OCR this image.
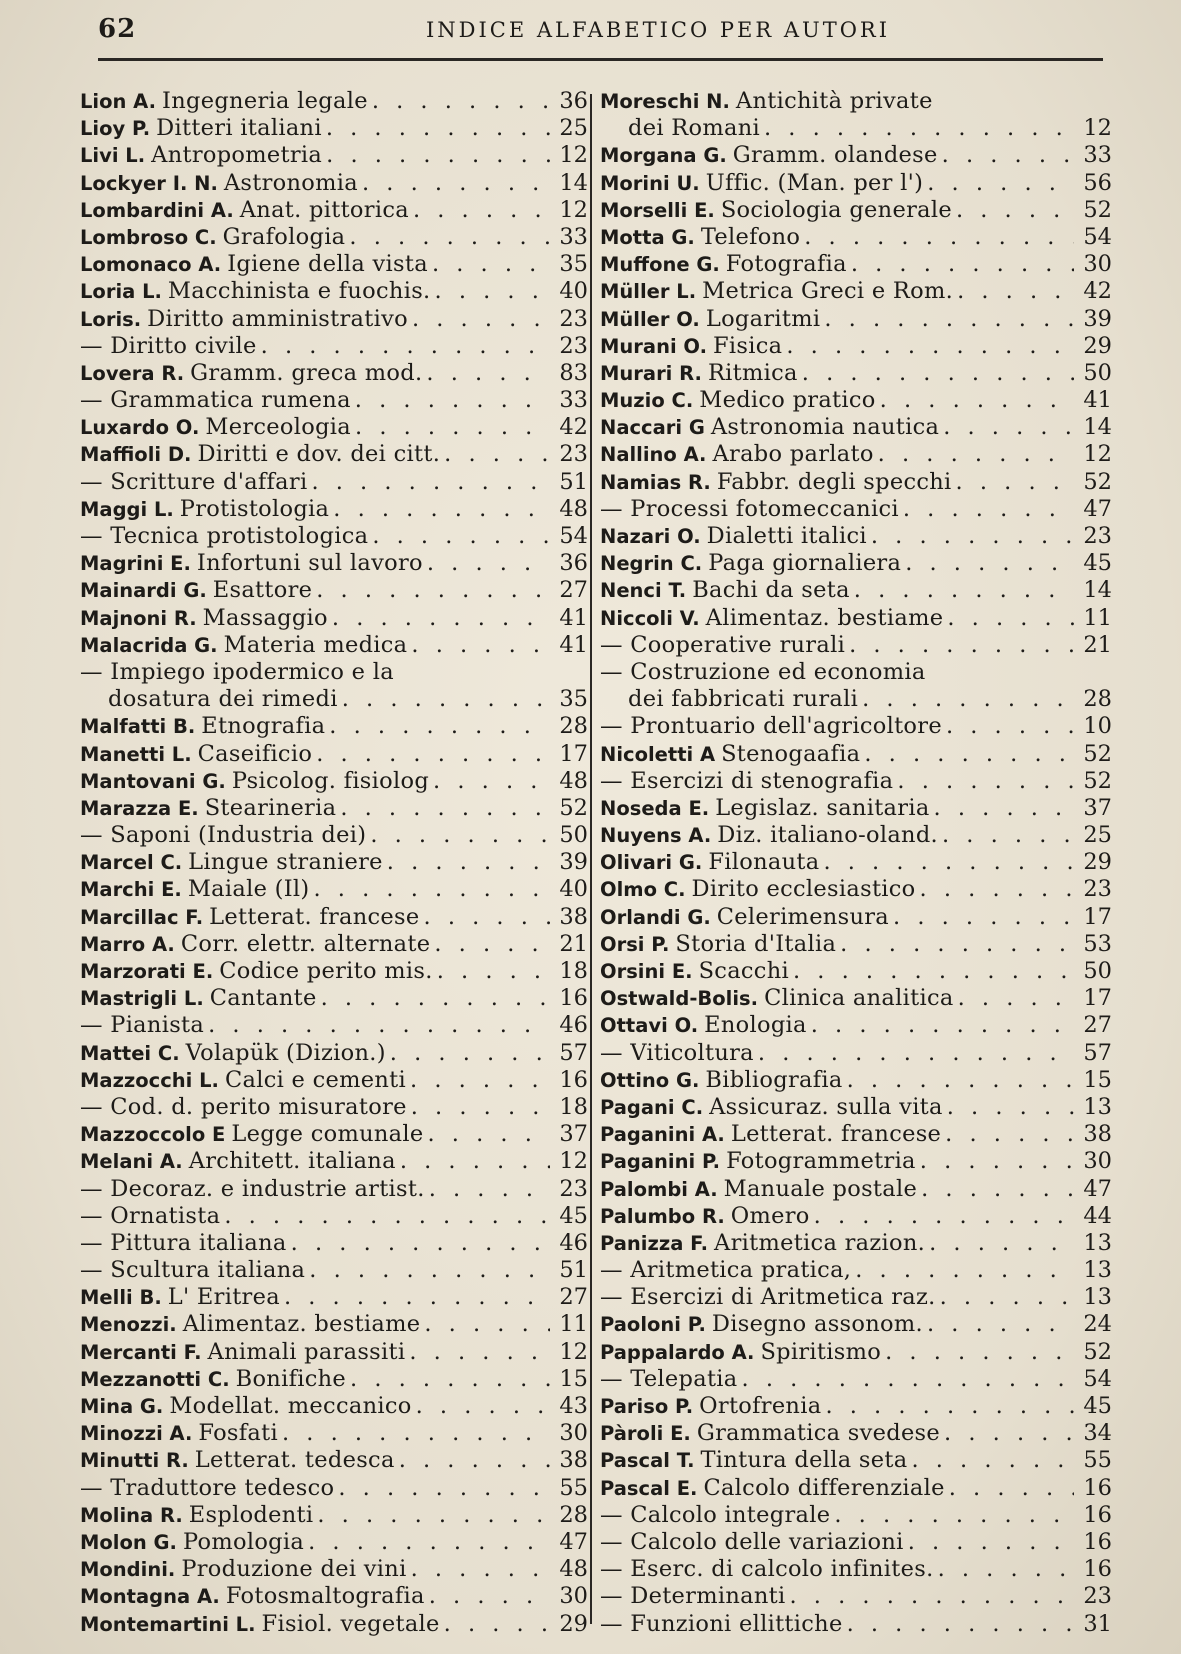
62	INDICE ALFABETICO PER AUTORI
Lion A. Ingegneria legale . . .	36
Lioy P. Ditteri italiani . . .	25
Livi L. Antropometria . . .	12
Lockyer I. N. Astronomia . . .	14
Lombardini A. Anat. pittorica . . .	12
Lombroso C. Grafologia . . .	33
Lomonaco A. Igiene della vista . . .	35
Loria L. Macchinista e fuochis. . . .	40
Loris. Diritto amministrativo . . .	23
— Diritto civile . . .	23
Lovera R. Gramm. greca mod. . . .	83
— Grammatica rumena . . .	33
Luxardo O. Merceologia . . .	42
Maffioli D. Diritti e dov. dei citt. . . .	23
— Scritture d'affari . . .	51
Maggi L. Protistologia . . .	48
— Tecnica protistologica . . .	54
Magrini E. Infortuni sul lavoro . . .	36
Mainardi G. Esattore . . .	27
Majnoni R. Massaggio . . .	41
Malacrida G. Materia medica . . .	41
— Impiego ipodermico e la
dosatura dei rimedi . . .	35
Malfatti B. Etnografia . . .	28
Manetti L. Caseificio . . .	17
Mantovani G. Psicolog. fisiolog . . .	48
Marazza E. Stearineria . . .	52
— Saponi (Industria dei) . . .	50
Marcel C. Lingue straniere . . .	39
Marchi E. Maiale (Il) . . .	40
Marcillac F. Letterat. francese . . .	38
Marro A. Corr. elettr. alternate . . .	21
Marzorati E. Codice perito mis. . . .	18
Mastrigli L. Cantante . . .	16
— Pianista . . .	46
Mattei C. Volapük (Dizion.) . . .	57
Mazzocchi L. Calci e cementi . . .	16
— Cod. d. perito misuratore . . .	18
Mazzoccolo E Legge comunale . . .	37
Melani A. Architett. italiana . . .	12
— Decoraz. e industrie artist. . . .	23
— Ornatista . . .	45
— Pittura italiana . . .	46
— Scultura italiana . . .	51
Melli B. L' Eritrea . . .	27
Menozzi. Alimentaz. bestiame . . .	11
Mercanti F. Animali parassiti . . .	12
Mezzanotti C. Bonifiche . . .	15
Mina G. Modellat. meccanico . . .	43
Minozzi A. Fosfati . . .	30
Minutti R. Letterat. tedesca . . .	38
— Traduttore tedesco . . .	55
Molina R. Esplodenti . . .	28
Molon G. Pomologia . . .	47
Mondini. Produzione dei vini . . .	48
Montagna A. Fotosmaltografia . . .	30
Montemartini L. Fisiol. vegetale . . .	29
Moreschi N. Antichità private
dei Romani . . .	12
Morgana G. Gramm. olandese . . .	33
Morini U. Uffic. (Man. per l') . . .	56
Morselli E. Sociologia generale . . .	52
Motta G. Telefono . . .	54
Muffone G. Fotografia . . .	30
Müller L. Metrica Greci e Rom. . . .	42
Müller O. Logaritmi . . .	39
Murani O. Fisica . . .	29
Murari R. Ritmica . . .	50
Muzio C. Medico pratico . . .	41
Naccari G Astronomia nautica . . .	14
Nallino A. Arabo parlato . . .	12
Namias R. Fabbr. degli specchi . . .	52
— Processi fotomeccanici . . .	47
Nazari O. Dialetti italici . . .	23
Negrin C. Paga giornaliera . . .	45
Nenci T. Bachi da seta . . .	14
Niccoli V. Alimentaz. bestiame . . .	11
— Cooperative rurali . . .	21
— Costruzione ed economia
dei fabbricati rurali . . .	28
— Prontuario dell'agricoltore . . .	10
Nicoletti A Stenogaafia . . .	52
— Esercizi di stenografia . . .	52
Noseda E. Legislaz. sanitaria . . .	37
Nuyens A. Diz. italiano-oland. . . .	25
Olivari G. Filonauta . . .	29
Olmo C. Dirito ecclesiastico . . .	23
Orlandi G. Celerimensura . . .	17
Orsi P. Storia d'Italia . . .	53
Orsini E. Scacchi . . .	50
Ostwald-Bolis. Clinica analitica . . .	17
Ottavi O. Enologia . . .	27
— Viticoltura . . .	57
Ottino G. Bibliografia . . .	15
Pagani C. Assicuraz. sulla vita . . .	13
Paganini A. Letterat. francese . . .	38
Paganini P. Fotogrammetria . . .	30
Palombi A. Manuale postale . . .	47
Palumbo R. Omero . . .	44
Panizza F. Aritmetica razion. . . .	13
— Aritmetica pratica, . . .	13
— Esercizi di Aritmetica raz. . . .	13
Paoloni P. Disegno assonom. . . .	24
Pappalardo A. Spiritismo . . .	52
— Telepatia . . .	54
Pariso P. Ortofrenia . . .	45
Pàroli E. Grammatica svedese . . .	34
Pascal T. Tintura della seta . . .	55
Pascal E. Calcolo differenziale . . .	16
— Calcolo integrale . . .	16
— Calcolo delle variazioni . . .	16
— Eserc. di calcolo infinites. . . .	16
— Determinanti . . .	23
— Funzioni ellittiche . . .	31
